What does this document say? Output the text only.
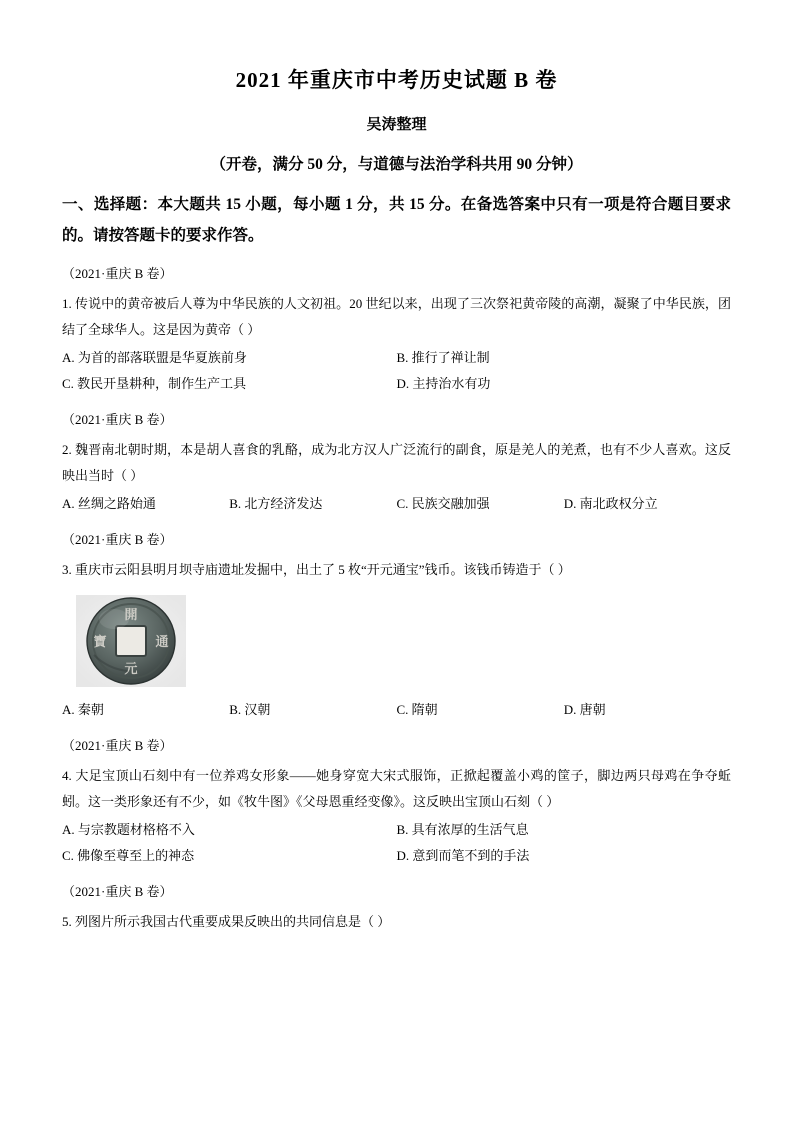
2021 年重庆市中考历史试题 B 卷
吴涛整理
（开卷，满分 50 分，与道德与法治学科共用 90 分钟）
一、选择题：本大题共 15 小题，每小题 1 分，共 15 分。在备选答案中只有一项是符合题目要求的。请按答题卡的要求作答。
（2021·重庆 B 卷）
1. 传说中的黄帝被后人尊为中华民族的人文初祖。20 世纪以来，出现了三次祭祀黄帝陵的高潮，凝聚了中华民族，团结了全球华人。这是因为黄帝（ ）
A. 为首的部落联盟是华夏族前身	B. 推行了禅让制
C. 教民开垦耕种，制作生产工具	D. 主持治水有功
（2021·重庆 B 卷）
2. 魏晋南北朝时期，本是胡人喜食的乳酪，成为北方汉人广泛流行的副食，原是羌人的羌煮，也有不少人喜欢。这反映出当时（ ）
A. 丝绸之路始通	B. 北方经济发达	C. 民族交融加强	D. 南北政权分立
（2021·重庆 B 卷）
3. 重庆市云阳县明月坝寺庙遗址发掘中，出土了 5 枚“开元通宝”钱币。该钱币铸造于（ ）
開
通
元
寶
A. 秦朝	B. 汉朝	C. 隋朝	D. 唐朝
（2021·重庆 B 卷）
4. 大足宝顶山石刻中有一位养鸡女形象——她身穿宽大宋式服饰，正掀起覆盖小鸡的筐子，脚边两只母鸡在争夺蚯蚓。这一类形象还有不少，如《牧牛图》《父母恩重经变像》。这反映出宝顶山石刻（ ）
A. 与宗教题材格格不入	B. 具有浓厚的生活气息
C. 佛像至尊至上的神态	D. 意到而笔不到的手法
（2021·重庆 B 卷）
5. 列图片所示我国古代重要成果反映出的共同信息是（ ）
